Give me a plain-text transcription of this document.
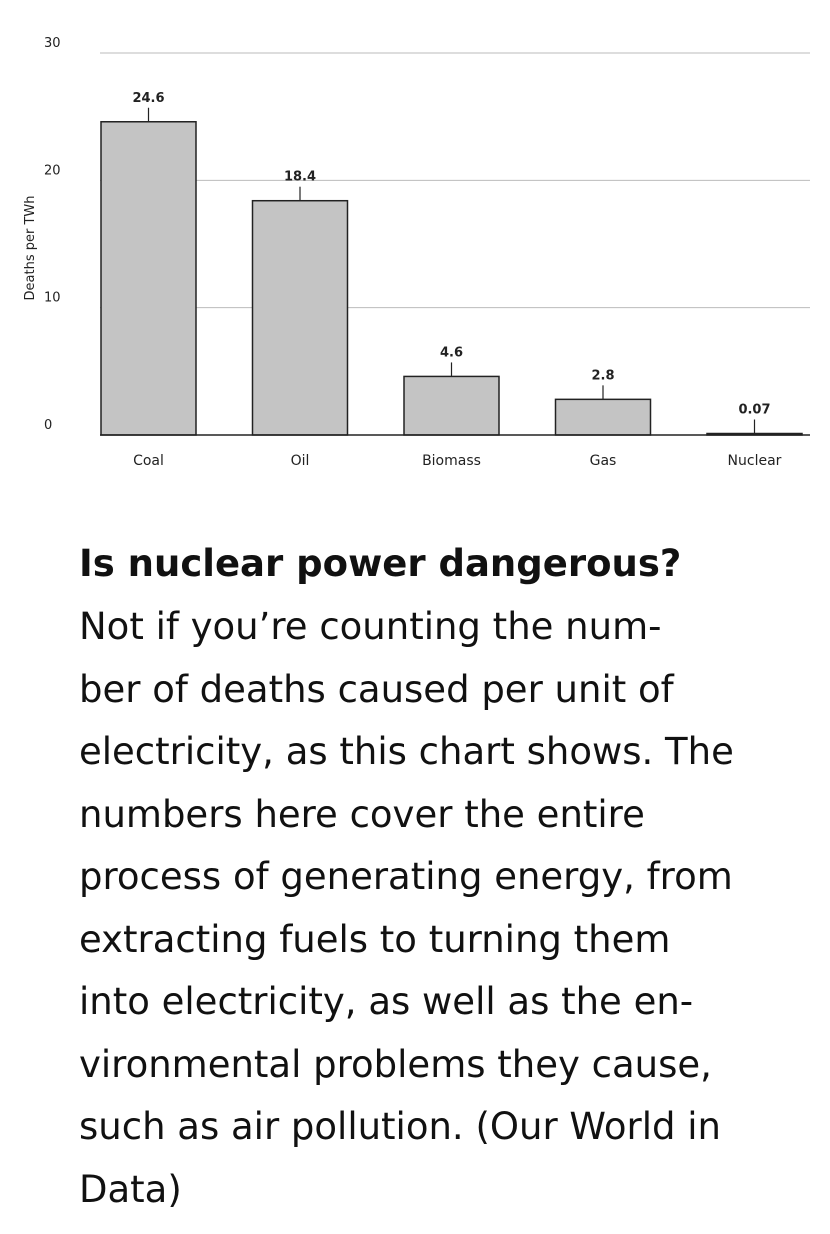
0
10
20
30
Deaths per TWh
24.6
18.4
4.6
2.8
0.07
Coal	Oil	Biomass	Gas	Nuclear
Is nuclear power dangerous?
Not if you’re counting the num-
ber of deaths caused per unit of
electricity, as this chart shows. The
numbers here cover the entire
process of generating energy, from
extracting fuels to turning them
into electricity, as well as the en-
vironmental problems they cause,
such as air pollution. (Our World in
Data)
